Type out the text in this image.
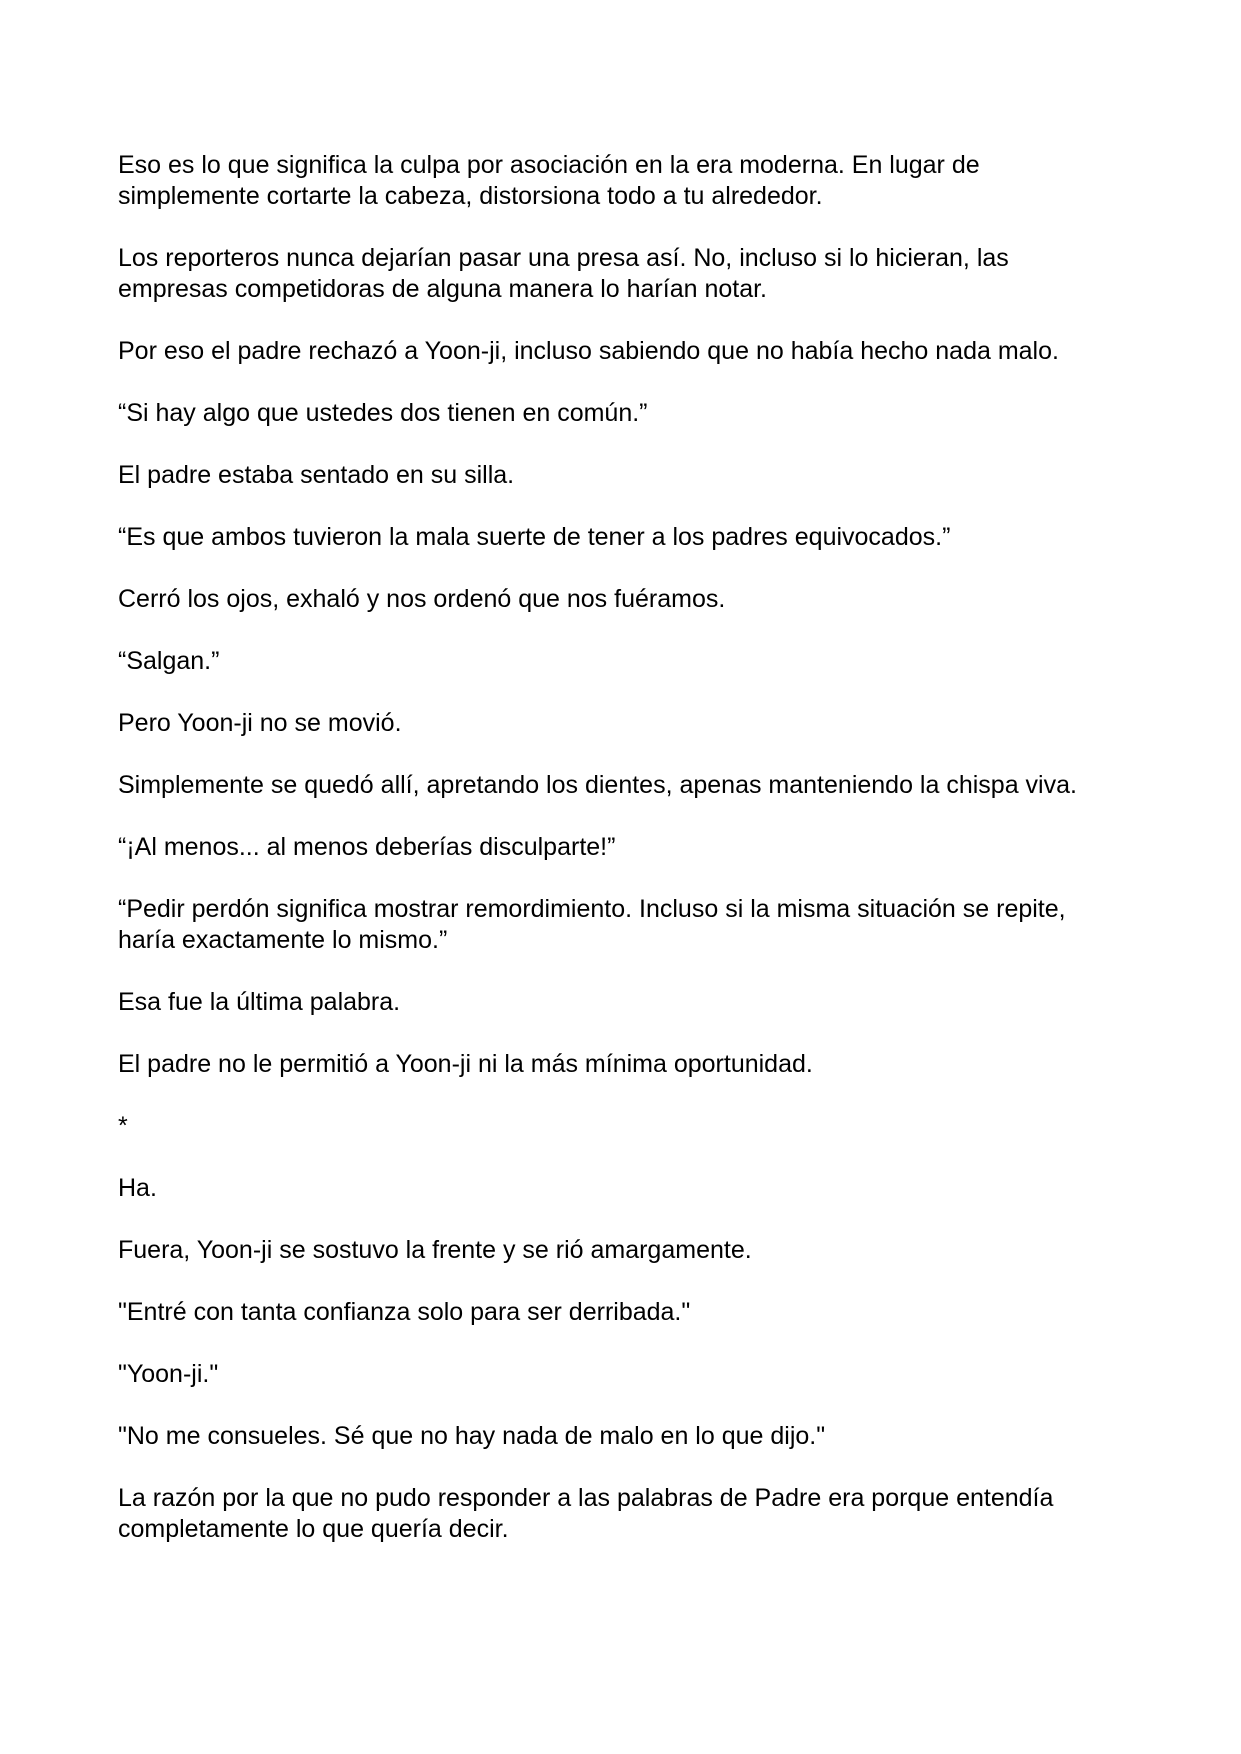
Eso es lo que significa la culpa por asociación en la era moderna. En lugar de simplemente cortarte la cabeza, distorsiona todo a tu alrededor.

Los reporteros nunca dejarían pasar una presa así. No, incluso si lo hicieran, las empresas competidoras de alguna manera lo harían notar.

Por eso el padre rechazó a Yoon-ji, incluso sabiendo que no había hecho nada malo.

“Si hay algo que ustedes dos tienen en común.”

El padre estaba sentado en su silla.

“Es que ambos tuvieron la mala suerte de tener a los padres equivocados.”

Cerró los ojos, exhaló y nos ordenó que nos fuéramos.

“Salgan.”

Pero Yoon-ji no se movió.

Simplemente se quedó allí, apretando los dientes, apenas manteniendo la chispa viva.

“¡Al menos... al menos deberías disculparte!”

“Pedir perdón significa mostrar remordimiento. Incluso si la misma situación se repite, haría exactamente lo mismo.”

Esa fue la última palabra.

El padre no le permitió a Yoon-ji ni la más mínima oportunidad.

*

Ha.

Fuera, Yoon-ji se sostuvo la frente y se rió amargamente.

"Entré con tanta confianza solo para ser derribada."

"Yoon-ji."

"No me consueles. Sé que no hay nada de malo en lo que dijo."

La razón por la que no pudo responder a las palabras de Padre era porque entendía completamente lo que quería decir.
